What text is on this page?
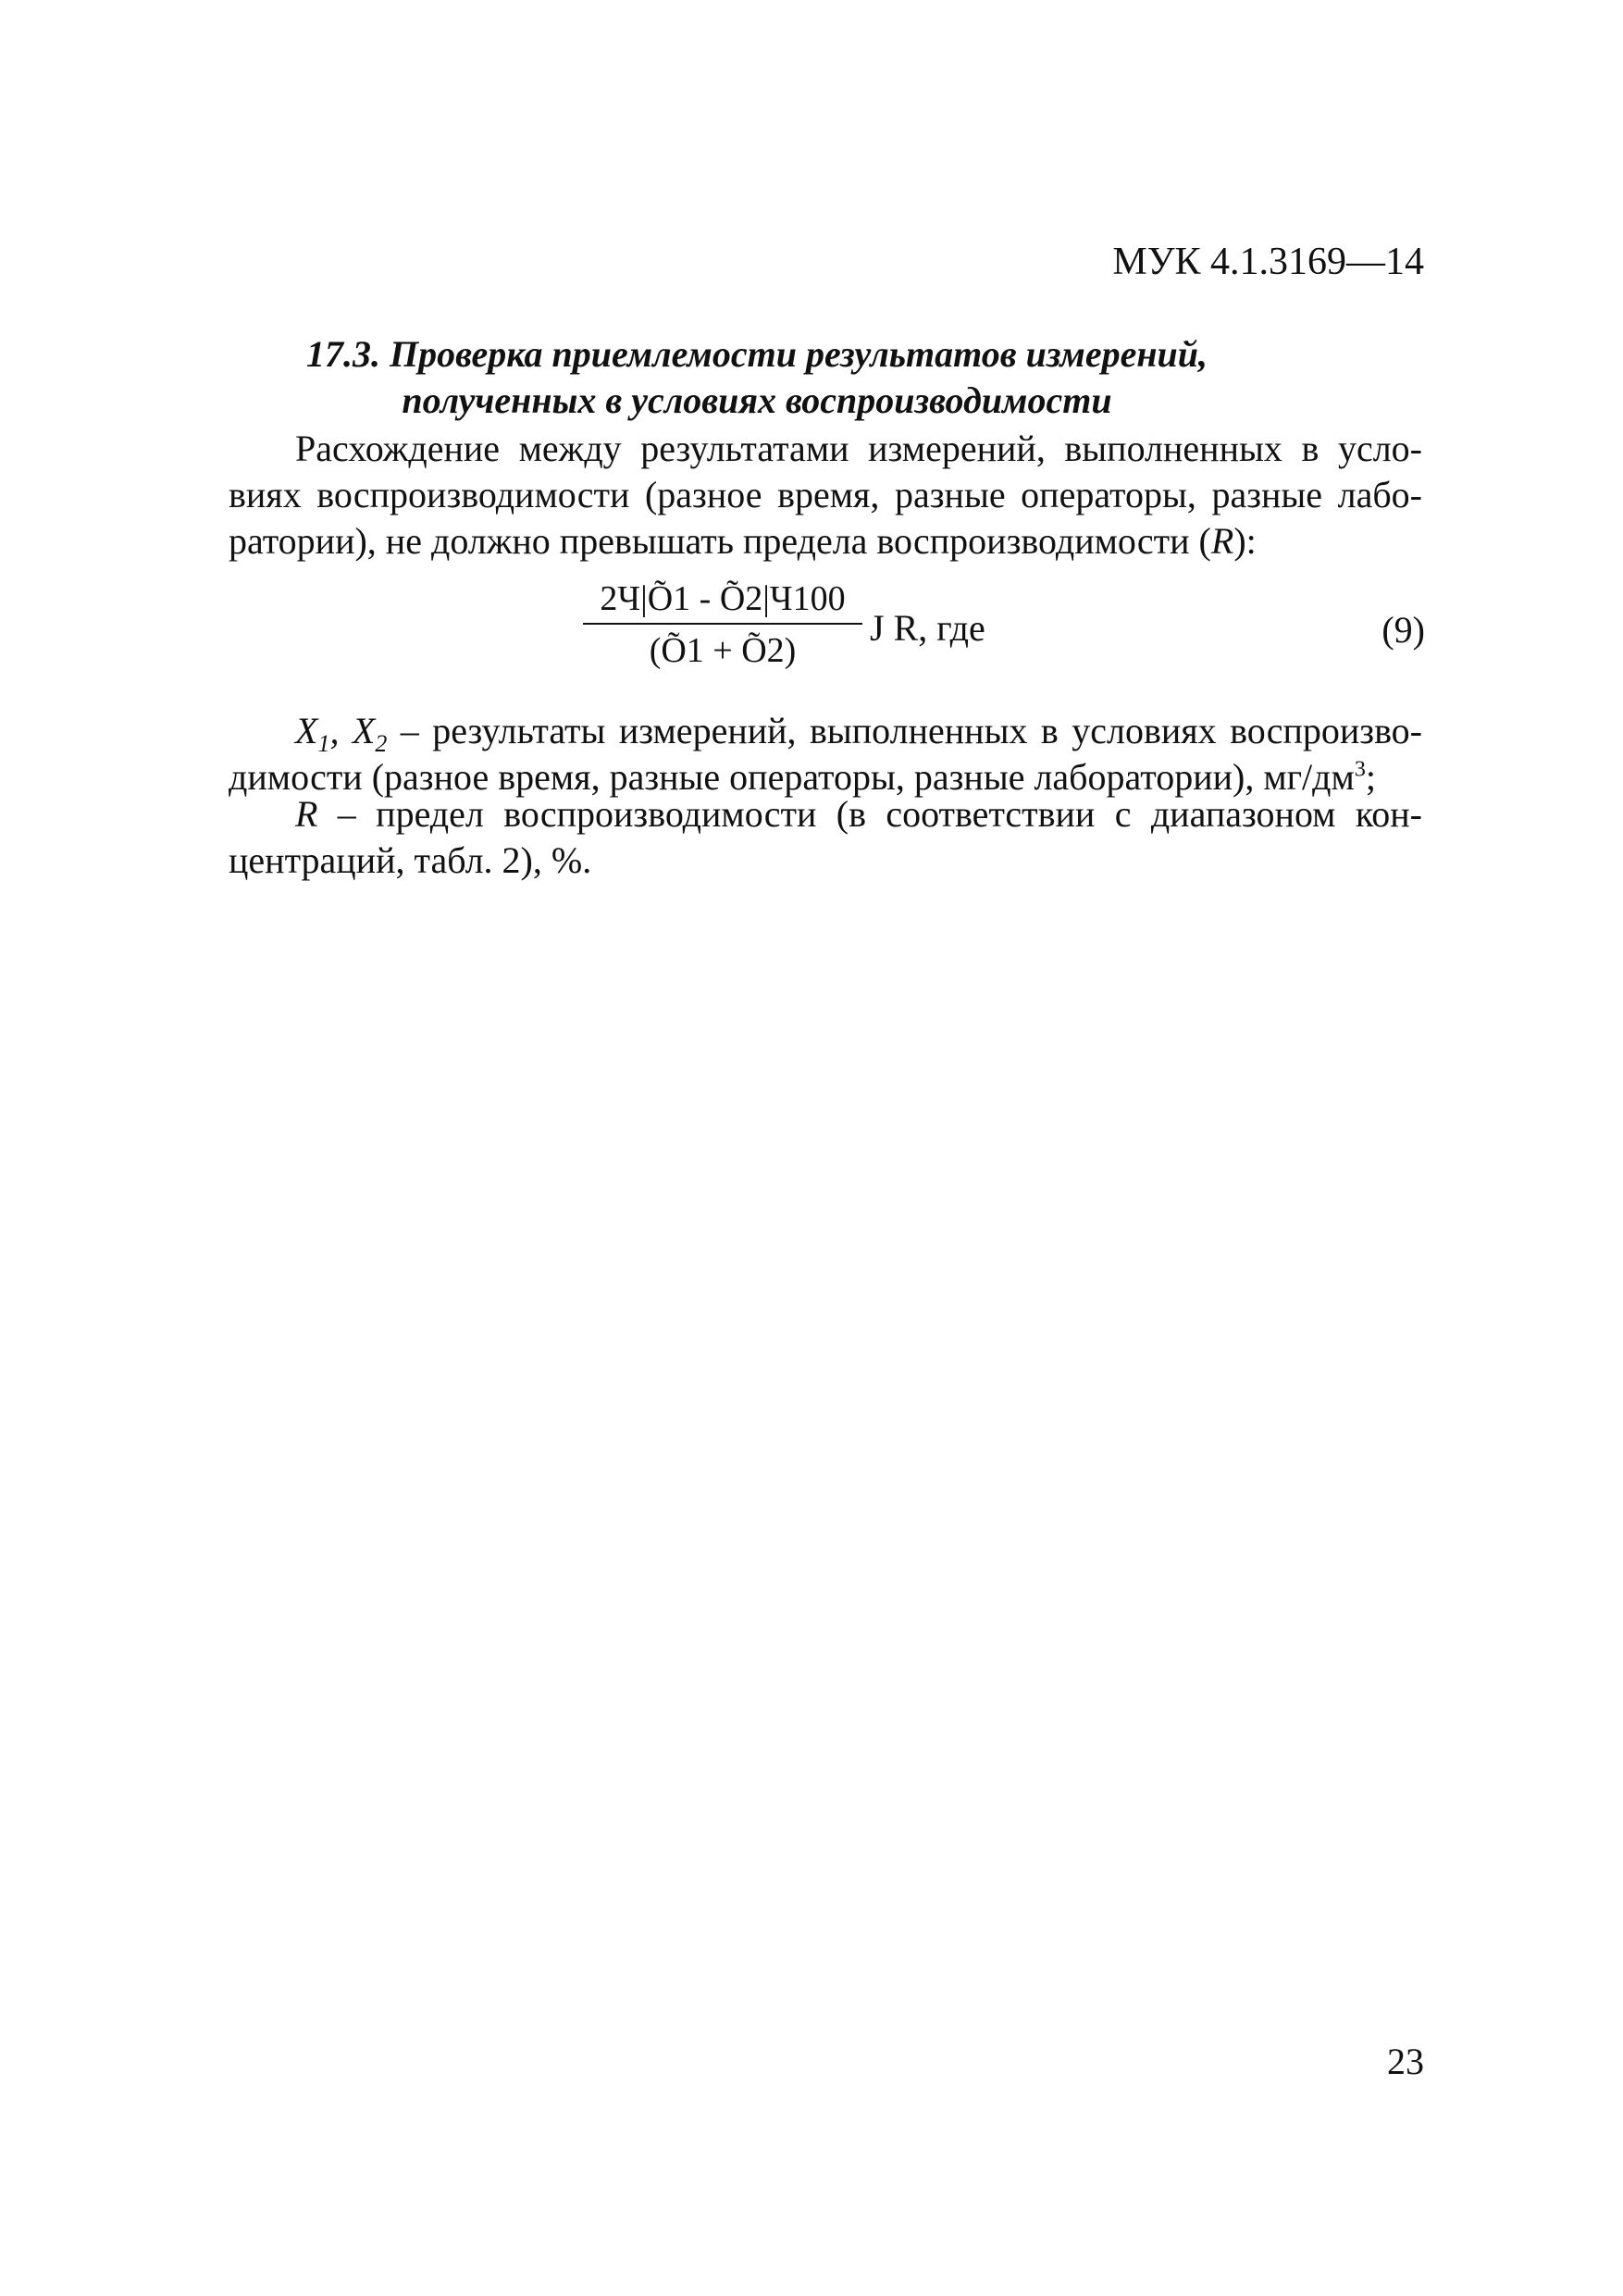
МУК 4.1.3169—14
17.3. Проверка приемлемости результатов измерений,
полученных в условиях воспроизводимости

Расхождение между результатами измерений, выполненных в усло-
виях воспроизводимости (разное время, разные операторы, разные лабо-
ратории), не должно превышать предела воспроизводимости (R):

2Ч|Õ1 - Õ2|Ч100
(Õ1 + Õ2)
J R, где	(9)

$X_1$, $X_2$ – результаты измерений, выполненных в условиях воспроизво-
димости (разное время, разные операторы, разные лаборатории), $мг/дм^3$;

R – предел воспроизводимости (в соответствии с диапазоном кон-
центраций, табл. 2), %.

23
